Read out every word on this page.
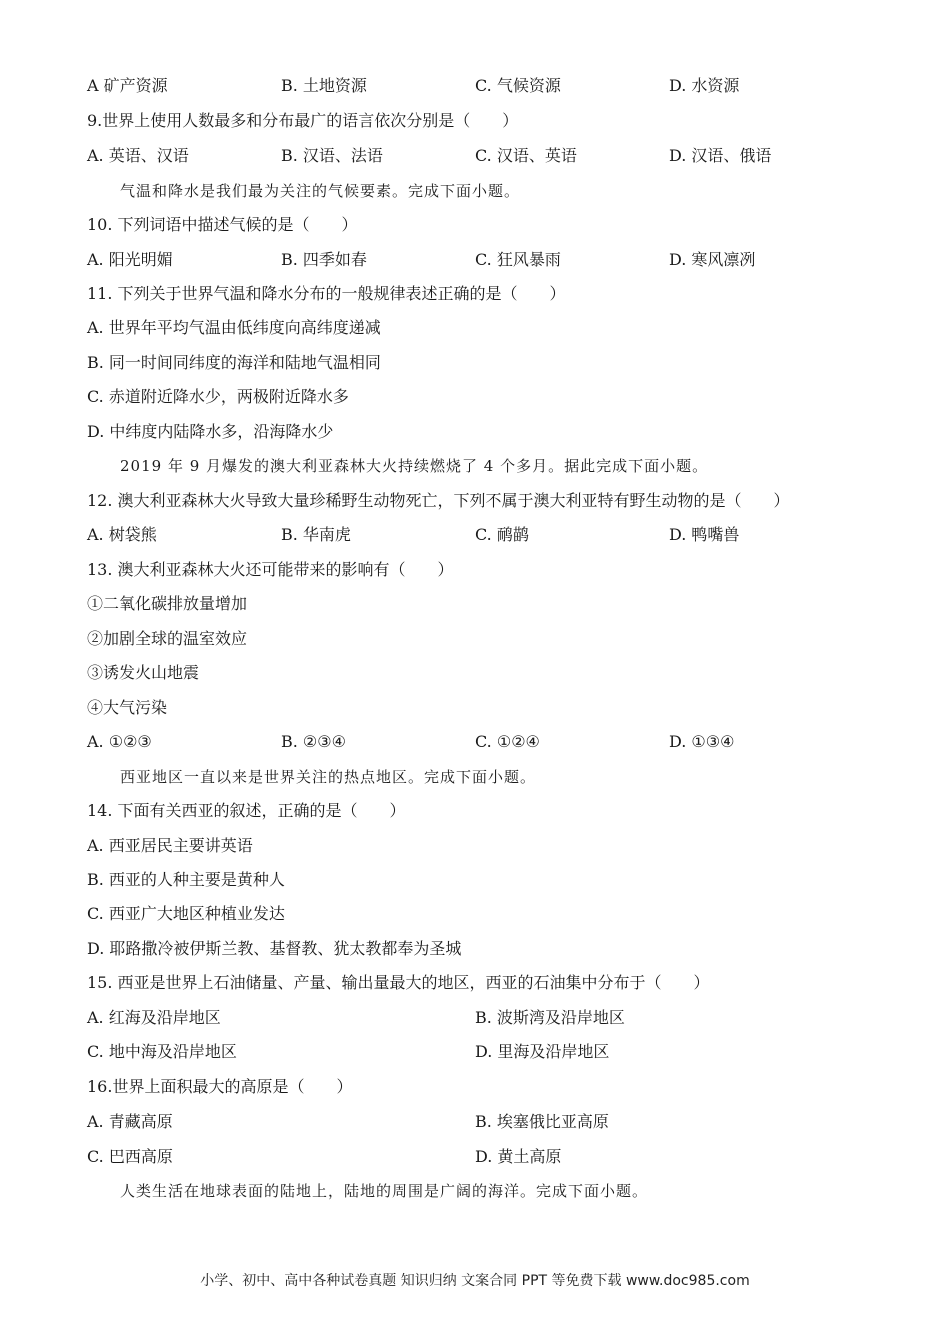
A 矿产资源	B. 土地资源	C. 气候资源	D. 水资源
9.世界上使用人数最多和分布最广的语言依次分别是（　　）
A. 英语、汉语	B. 汉语、法语	C. 汉语、英语	D. 汉语、俄语
气温和降水是我们最为关注的气候要素。完成下面小题。
10. 下列词语中描述气候的是（　　）
A. 阳光明媚	B. 四季如春	C. 狂风暴雨	D. 寒风凛冽
11. 下列关于世界气温和降水分布的一般规律表述正确的是（　　）
A. 世界年平均气温由低纬度向高纬度递减
B. 同一时间同纬度的海洋和陆地气温相同
C. 赤道附近降水少，两极附近降水多
D. 中纬度内陆降水多，沿海降水少
2019 年 9 月爆发的澳大利亚森林大火持续燃烧了 4 个多月。据此完成下面小题。
12. 澳大利亚森林大火导致大量珍稀野生动物死亡，下列不属于澳大利亚特有野生动物的是（　　）
A. 树袋熊	B. 华南虎	C. 鸸鹋	D. 鸭嘴兽
13. 澳大利亚森林大火还可能带来的影响有（　　）
①二氧化碳排放量增加
②加剧全球的温室效应
③诱发火山地震
④大气污染
A. ①②③	B. ②③④	C. ①②④	D. ①③④
西亚地区一直以来是世界关注的热点地区。完成下面小题。
14. 下面有关西亚的叙述，正确的是（　　）
A. 西亚居民主要讲英语
B. 西亚的人种主要是黄种人
C. 西亚广大地区种植业发达
D. 耶路撒冷被伊斯兰教、基督教、犹太教都奉为圣城
15. 西亚是世界上石油储量、产量、输出量最大的地区，西亚的石油集中分布于（　　）
A. 红海及沿岸地区	B. 波斯湾及沿岸地区
C. 地中海及沿岸地区	D. 里海及沿岸地区
16.世界上面积最大的高原是（　　）
A. 青藏高原	B. 埃塞俄比亚高原
C. 巴西高原	D. 黄土高原
人类生活在地球表面的陆地上，陆地的周围是广阔的海洋。完成下面小题。
小学、初中、高中各种试卷真题 知识归纳 文案合同 PPT 等免费下载 www.doc985.com
